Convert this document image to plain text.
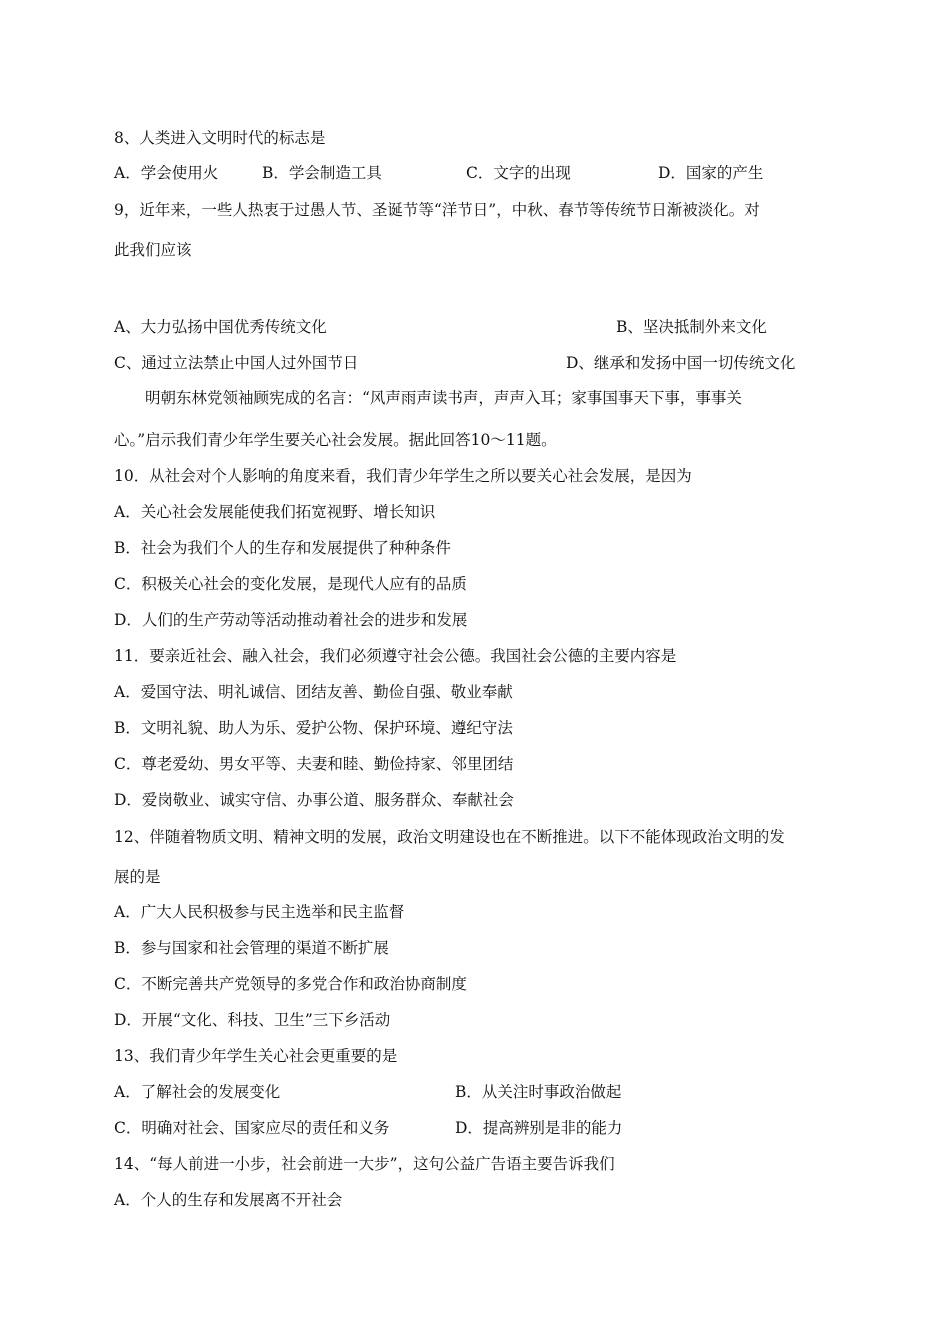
8、人类进入文明时代的标志是
A．学会使用火	B．学会制造工具	C．文字的出现	D．国家的产生
9，近年来，一些人热衷于过愚人节、圣诞节等“洋节日”，中秋、春节等传统节日渐被淡化。对
此我们应该
A、大力弘扬中国优秀传统文化	B、坚决抵制外来文化
C、通过立法禁止中国人过外国节日	D、继承和发扬中国一切传统文化
明朝东林党领袖顾宪成的名言：“风声雨声读书声，声声入耳；家事国事天下事，事事关
心。”启示我们青少年学生要关心社会发展。据此回答10～11题。
10．从社会对个人影响的角度来看，我们青少年学生之所以要关心社会发展，是因为
A．关心社会发展能使我们拓宽视野、增长知识
B．社会为我们个人的生存和发展提供了种种条件
C．积极关心社会的变化发展，是现代人应有的品质
D．人们的生产劳动等活动推动着社会的进步和发展
11．要亲近社会、融入社会，我们必须遵守社会公德。我国社会公德的主要内容是
A．爱国守法、明礼诚信、团结友善、勤俭自强、敬业奉献
B．文明礼貌、助人为乐、爱护公物、保护环境、遵纪守法
C．尊老爱幼、男女平等、夫妻和睦、勤俭持家、邻里团结
D．爱岗敬业、诚实守信、办事公道、服务群众、奉献社会
12、伴随着物质文明、精神文明的发展，政治文明建设也在不断推进。以下不能体现政治文明的发
展的是
A．广大人民积极参与民主选举和民主监督
B．参与国家和社会管理的渠道不断扩展
C．不断完善共产党领导的多党合作和政治协商制度
D．开展“文化、科技、卫生”三下乡活动
13、我们青少年学生关心社会更重要的是
A．了解社会的发展变化	B．从关注时事政治做起
C．明确对社会、国家应尽的责任和义务	D．提高辨别是非的能力
14、“每人前进一小步，社会前进一大步”，这句公益广告语主要告诉我们
A．个人的生存和发展离不开社会
